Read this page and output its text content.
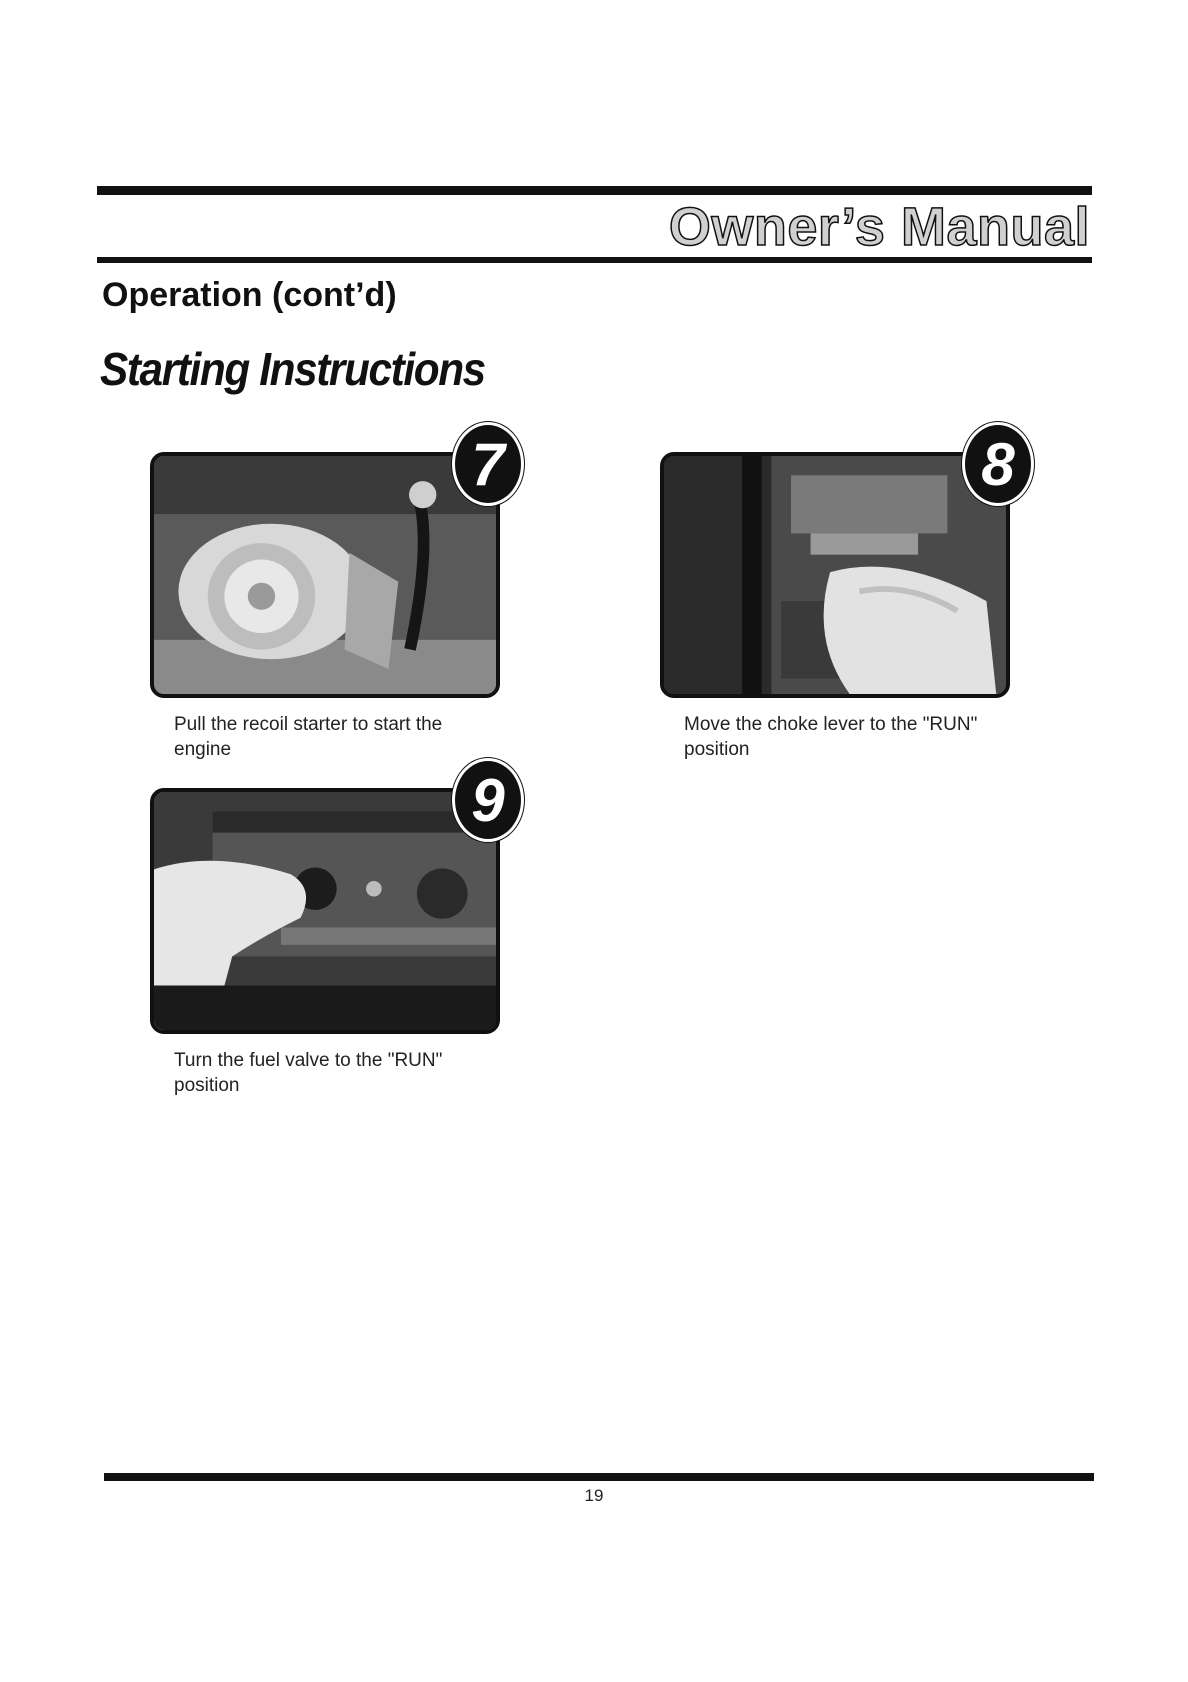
Owner’s Manual
Operation (cont’d)
Starting Instructions
7

Pull the recoil starter to start the engine

8

Move the choke lever to the "RUN" position

9

Turn the fuel valve to the "RUN" position

19
